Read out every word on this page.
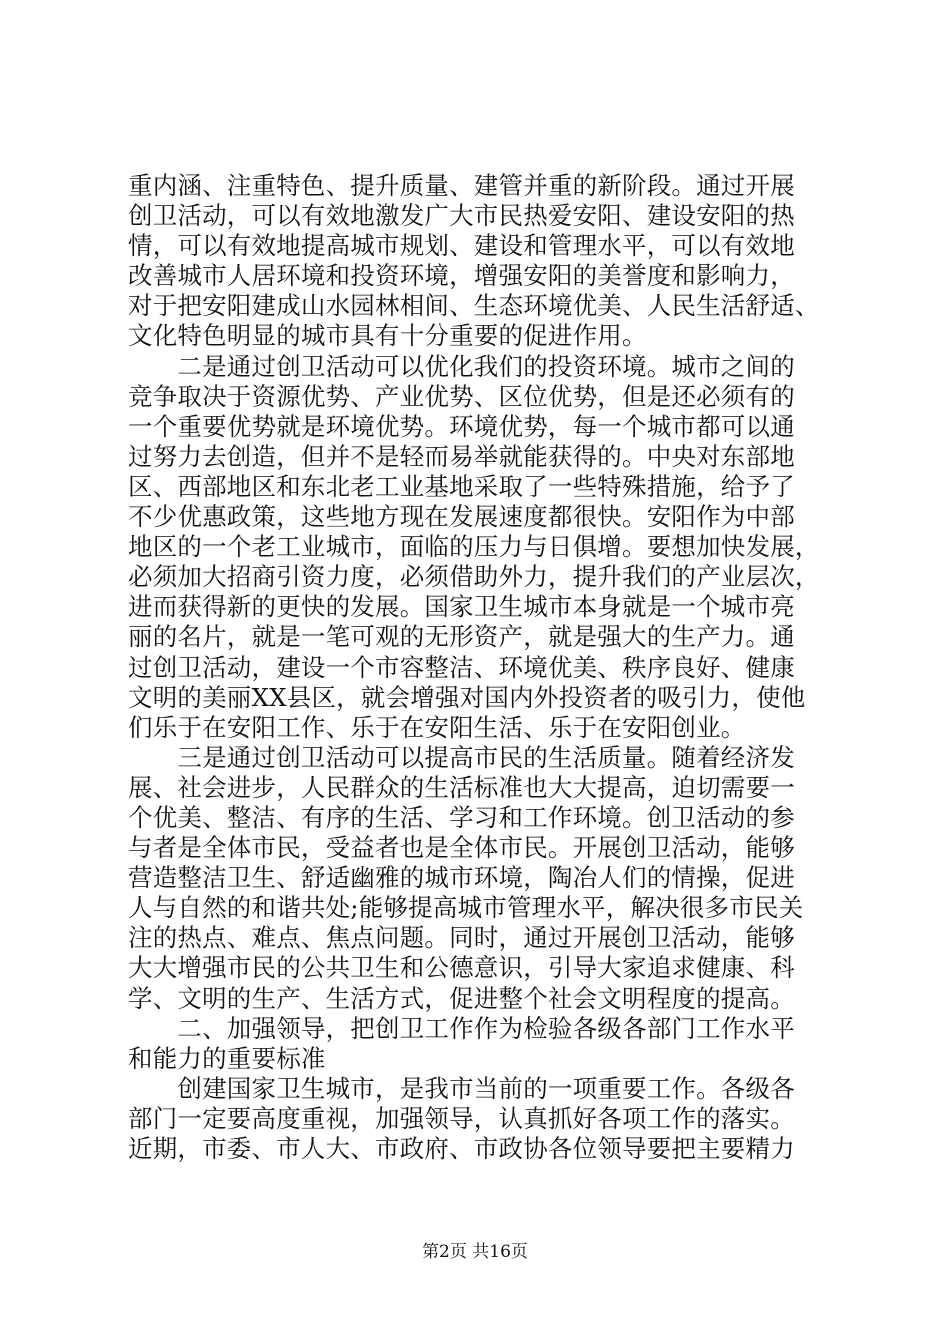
重内涵、注重特色、提升质量、建管并重的新阶段。通过开展
创卫活动，可以有效地激发广大市民热爱安阳、建设安阳的热
情，可以有效地提高城市规划、建设和管理水平，可以有效地
改善城市人居环境和投资环境，增强安阳的美誉度和影响力，
对于把安阳建成山水园林相间、生态环境优美、人民生活舒适、
文化特色明显的城市具有十分重要的促进作用。
　　二是通过创卫活动可以优化我们的投资环境。城市之间的
竞争取决于资源优势、产业优势、区位优势，但是还必须有的
一个重要优势就是环境优势。环境优势，每一个城市都可以通
过努力去创造，但并不是轻而易举就能获得的。中央对东部地
区、西部地区和东北老工业基地采取了一些特殊措施，给予了
不少优惠政策，这些地方现在发展速度都很快。安阳作为中部
地区的一个老工业城市，面临的压力与日俱增。要想加快发展，
必须加大招商引资力度，必须借助外力，提升我们的产业层次，
进而获得新的更快的发展。国家卫生城市本身就是一个城市亮
丽的名片，就是一笔可观的无形资产，就是强大的生产力。通
过创卫活动，建设一个市容整洁、环境优美、秩序良好、健康
文明的美丽XX县区，就会增强对国内外投资者的吸引力，使他
们乐于在安阳工作、乐于在安阳生活、乐于在安阳创业。
　　三是通过创卫活动可以提高市民的生活质量。随着经济发
展、社会进步，人民群众的生活标准也大大提高，迫切需要一
个优美、整洁、有序的生活、学习和工作环境。创卫活动的参
与者是全体市民，受益者也是全体市民。开展创卫活动，能够
营造整洁卫生、舒适幽雅的城市环境，陶冶人们的情操，促进
人与自然的和谐共处;能够提高城市管理水平，解决很多市民关
注的热点、难点、焦点问题。同时，通过开展创卫活动，能够
大大增强市民的公共卫生和公德意识，引导大家追求健康、科
学、文明的生产、生活方式，促进整个社会文明程度的提高。
　　二、加强领导，把创卫工作作为检验各级各部门工作水平
和能力的重要标准
　　创建国家卫生城市，是我市当前的一项重要工作。各级各
部门一定要高度重视，加强领导，认真抓好各项工作的落实。
近期，市委、市人大、市政府、市政协各位领导要把主要精力
第2页 共16页
